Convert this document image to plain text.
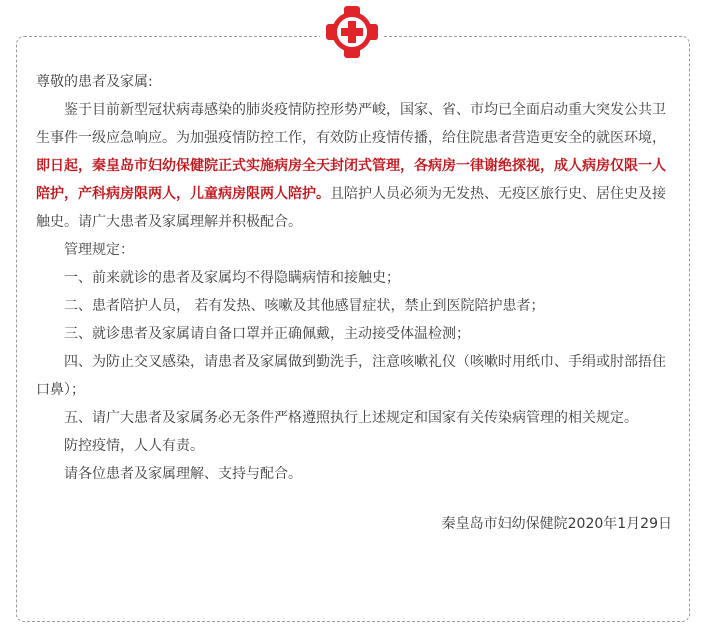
尊敬的患者及家属:

鉴于目前新型冠状病毒感染的肺炎疫情防控形势严峻，国家、省、市均已全面启动重大突发公共卫生事件一级应急响应。为加强疫情防控工作，有效防止疫情传播，给住院患者营造更安全的就医环境，即日起，秦皇岛市妇幼保健院正式实施病房全天封闭式管理，各病房一律谢绝探视，成人病房仅限一人陪护，产科病房限两人，儿童病房限两人陪护。且陪护人员必须为无发热、无疫区旅行史、居住史及接触史。请广大患者及家属理解并积极配合。

管理规定：

一、前来就诊的患者及家属均不得隐瞒病情和接触史；

二、患者陪护人员， 若有发热、咳嗽及其他感冒症状，禁止到医院陪护患者；

三、就诊患者及家属请自备口罩并正确佩戴，主动接受体温检测；

四、为防止交叉感染，请患者及家属做到勤洗手，注意咳嗽礼仪（咳嗽时用纸巾、手绢或肘部捂住口鼻）；

五、请广大患者及家属务必无条件严格遵照执行上述规定和国家有关传染病管理的相关规定。

防控疫情，人人有责。

请各位患者及家属理解、支持与配合。

秦皇岛市妇幼保健院2020年1月29日
